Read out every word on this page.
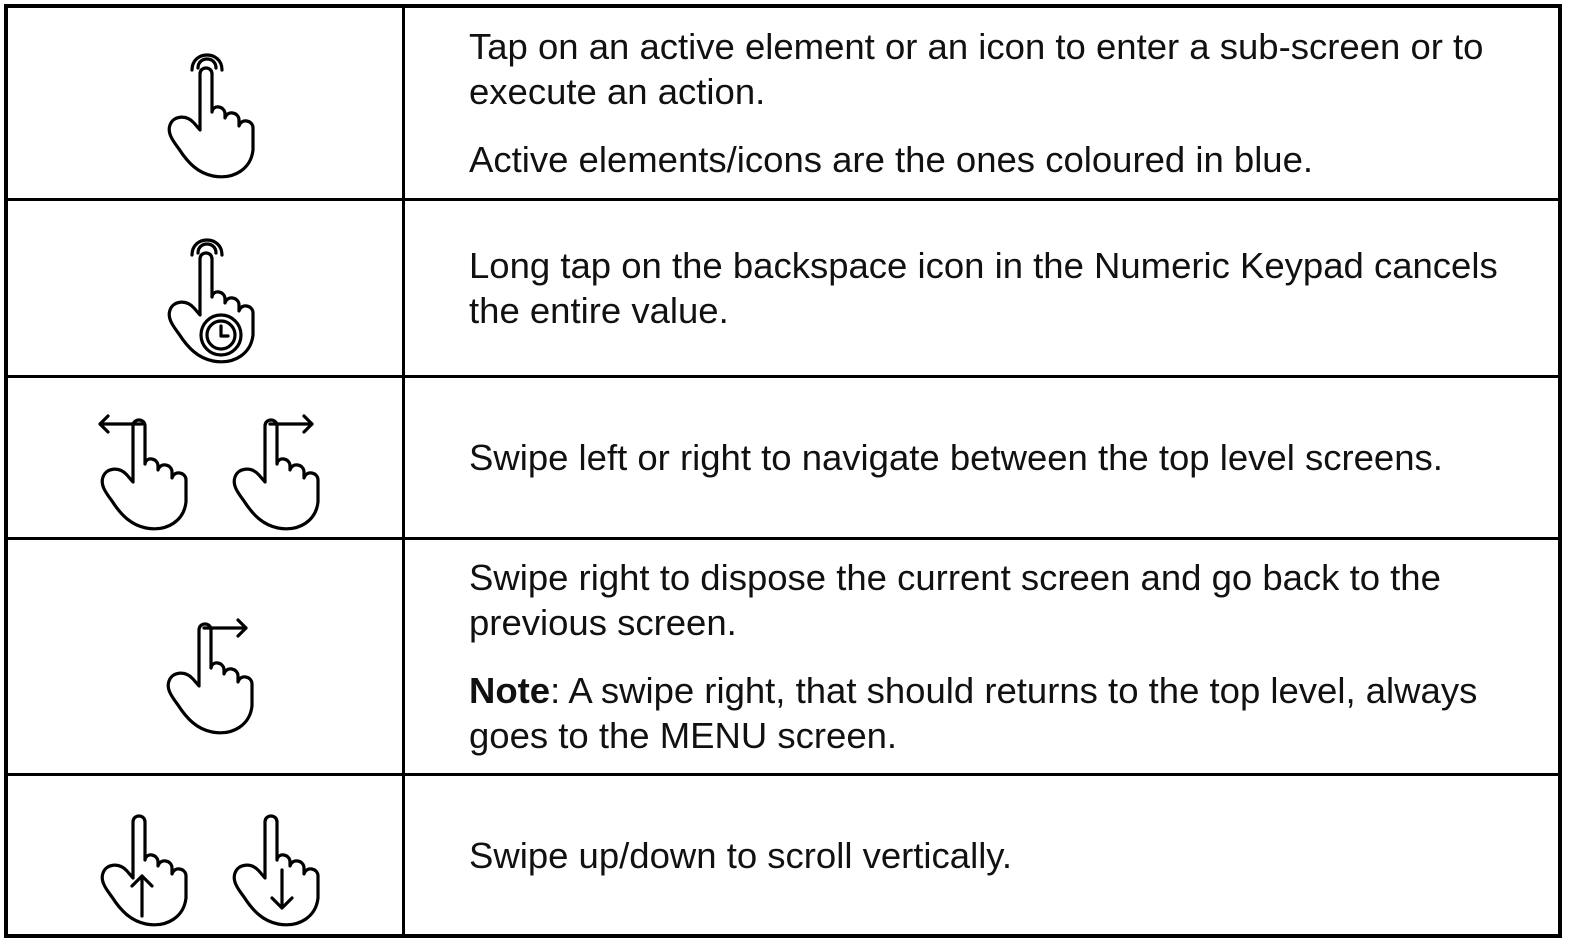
Tap on an active element or an icon to enter a sub-screen or to execute an action.

Active elements/icons are the ones coloured in blue.

Long tap on the backspace icon in the Numeric Keypad cancels the entire value.

Swipe left or right to navigate between the top level screens.

Swipe right to dispose the current screen and go back to the previous screen.

Note: A swipe right, that should returns to the top level, always goes to the MENU screen.

Swipe up/down to scroll vertically.
